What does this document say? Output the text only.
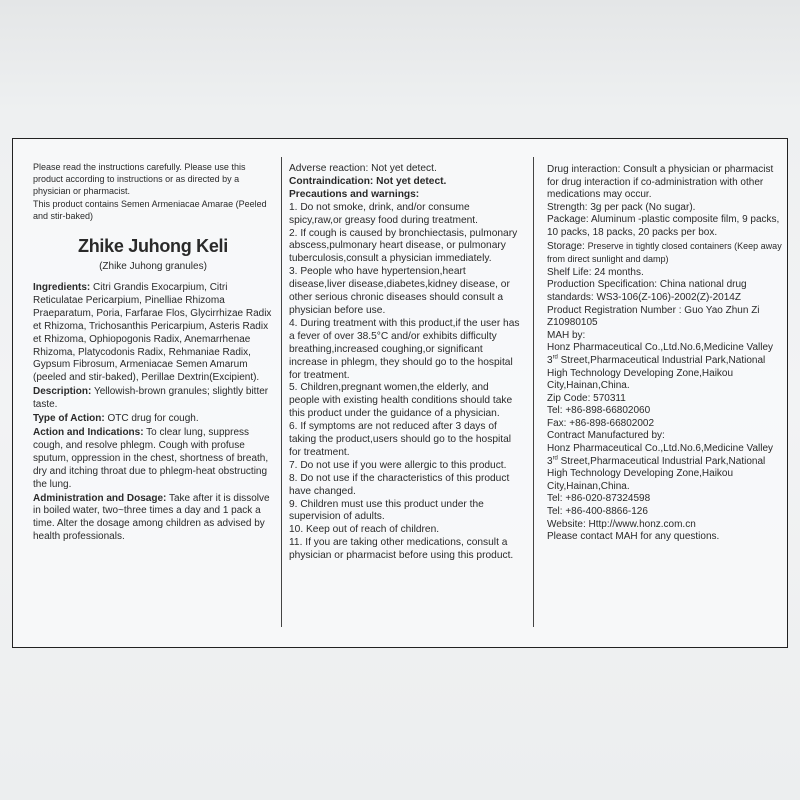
Please read the instructions carefully. Please use this product according to instructions or as directed by a physician or pharmacist.

This product contains Semen Armeniacae Amarae (Peeled and stir-baked)

Zhike Juhong Keli
(Zhike Juhong granules)

Ingredients: Citri Grandis Exocarpium, Citri Reticulatae Pericarpium, Pinelliae Rhizoma Praeparatum, Poria, Farfarae Flos, Glycirrhizae Radix et Rhizoma, Trichosanthis Pericarpium, Asteris Radix et Rhizoma, Ophiopogonis Radix, Anemarrhenae Rhizoma, Platycodonis Radix, Rehmaniae Radix, Gypsum Fibrosum, Armeniacae Semen Amarum (peeled and stir-baked), Perillae Dextrin(Excipient).

Description: Yellowish-brown granules; slightly bitter taste.

Type of Action: OTC drug for cough.

Action and Indications: To clear lung, suppress cough, and resolve phlegm. Cough with profuse sputum, oppression in the chest, shortness of breath, dry and itching throat due to phlegm-heat obstructing the lung.

Administration and Dosage: Take after it is dissolve in boiled water, two~three times a day and 1 pack a time. Alter the dosage among children as advised by health professionals.

Adverse reaction: Not yet detect.

Contraindication: Not yet detect.

Precautions and warnings:

1. Do not smoke, drink, and/or consume spicy,raw,or greasy food during treatment.

2. If cough is caused by bronchiectasis, pulmonary abscess,pulmonary heart disease, or pulmonary tuberculosis,consult a physician immediately.

3. People who have hypertension,heart disease,liver disease,diabetes,kidney disease, or other serious chronic diseases should consult a physician before use.

4. During treatment with this product,if the user has a fever of over 38.5°C and/or exhibits difficulty breathing,increased coughing,or significant increase in phlegm, they should go to the hospital for treatment.

5. Children,pregnant women,the elderly, and people with existing health conditions should take this product under the guidance of a physician.

6. If symptoms are not reduced after 3 days of taking the product,users should go to the hospital for treatment.

7. Do not use if you were allergic to this product.

8. Do not use if the characteristics of this product have changed.

9. Children must use this product under the supervision of adults.

10. Keep out of reach of children.

11. If you are taking other medications, consult a physician or pharmacist before using this product.

Drug interaction: Consult a physician or pharmacist for drug interaction if co-administration with other medications may occur.

Strength: 3g per pack (No sugar).

Package: Aluminum -plastic composite film, 9 packs, 10 packs, 18 packs, 20 packs per box.

Storage: Preserve in tightly closed containers (Keep away from direct sunlight and damp)

Shelf Life: 24 months.

Production Specification: China national drug standards: WS3-106(Z-106)-2002(Z)-2014Z

Product Registration Number : Guo Yao Zhun Zi Z10980105

MAH by:

Honz Pharmaceutical Co.,Ltd.No.6,Medicine Valley 3rd Street,Pharmaceutical Industrial Park,National High Technology Developing Zone,Haikou City,Hainan,China.

Zip Code: 570311

Tel: +86-898-66802060

Fax: +86-898-66802002

Contract Manufactured by:

Honz Pharmaceutical Co.,Ltd.No.6,Medicine Valley 3rd Street,Pharmaceutical Industrial Park,National High Technology Developing Zone,Haikou City,Hainan,China.

Tel: +86-020-87324598

Tel: +86-400-8866-126

Website: Http://www.honz.com.cn

Please contact MAH for any questions.
